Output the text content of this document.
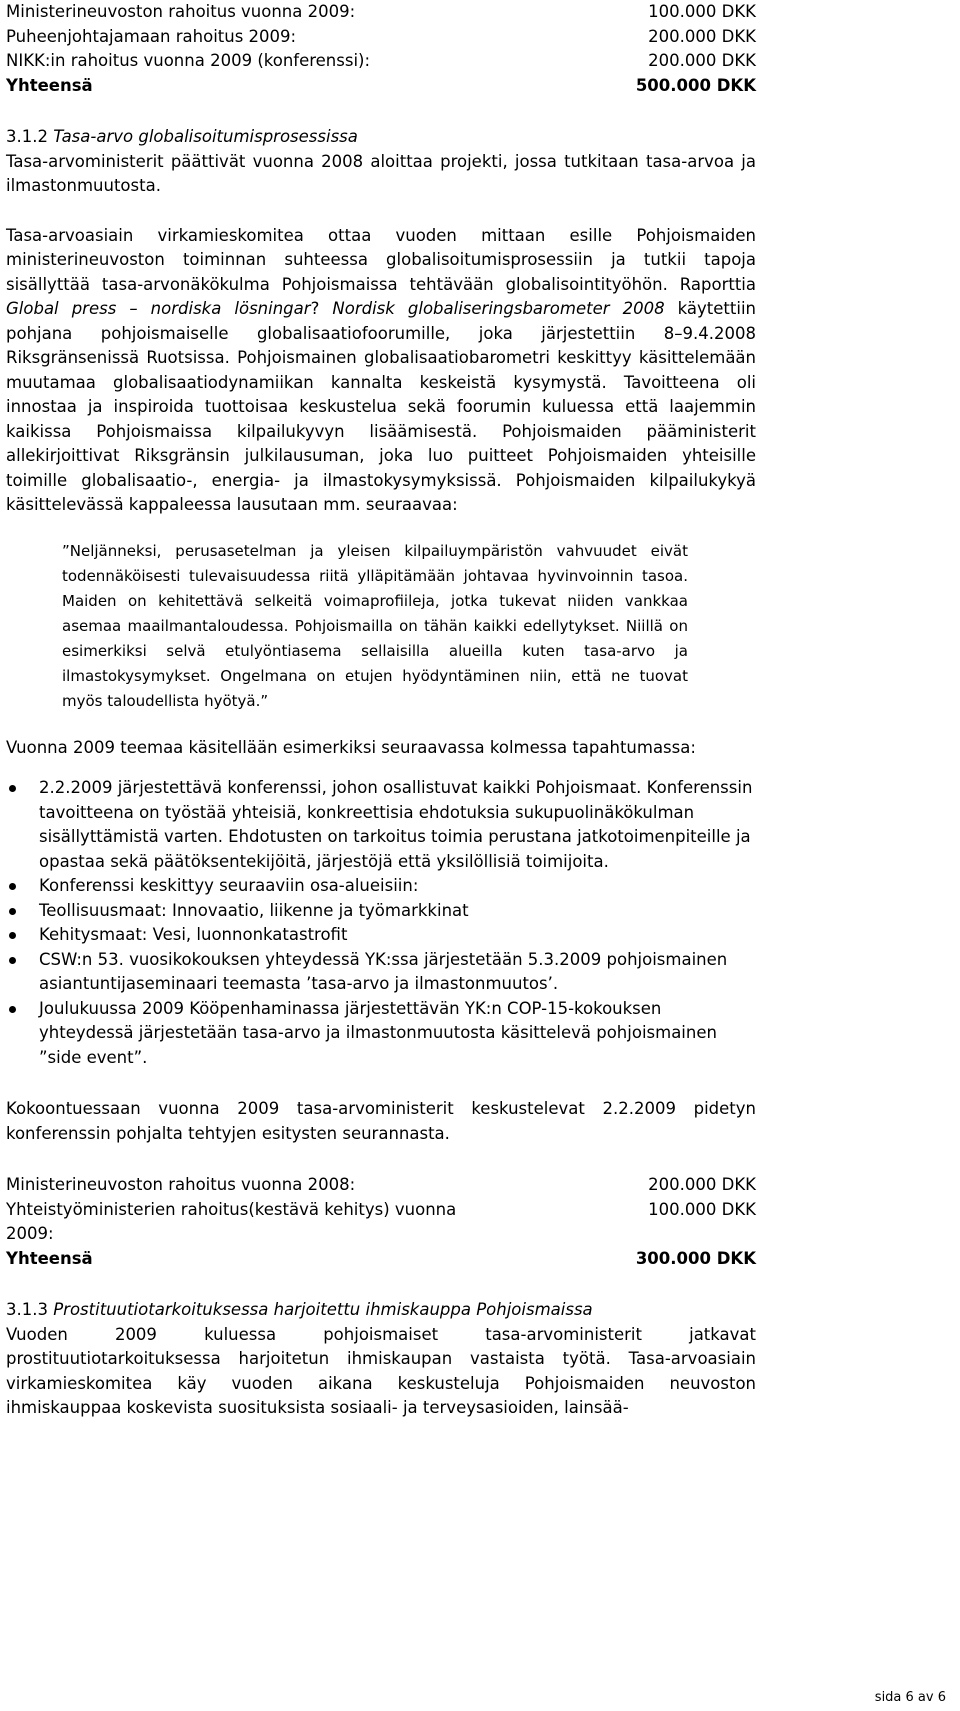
Ministerineuvoston rahoitus vuonna 2009:	100.000 DKK
Puheenjohtajamaan rahoitus 2009:	200.000 DKK
NIKK:in rahoitus vuonna 2009 (konferenssi):	200.000 DKK
Yhteensä	500.000 DKK

3.1.2 Tasa-arvo globalisoitumisprosessissa

Tasa-arvoministerit päättivät vuonna 2008 aloittaa projekti, jossa tutkitaan tasa-arvoa ja ilmastonmuutosta.

Tasa-arvoasiain virkamieskomitea ottaa vuoden mittaan esille Pohjoismaiden ministerineuvoston toiminnan suhteessa globalisoitumisprosessiin ja tutkii tapoja sisällyttää tasa-arvonäkökulma Pohjoismaissa tehtävään globalisointityöhön. Raporttia Global press – nordiska lösningar? Nordisk globaliseringsbarometer 2008 käytettiin pohjana pohjoismaiselle globalisaatiofoorumille, joka järjestettiin 8–9.4.2008 Riksgränsenissä Ruotsissa. Pohjoismainen globalisaatiobarometri keskittyy käsittelemään muutamaa globalisaatiodynamiikan kannalta keskeistä kysymystä. Tavoitteena oli innostaa ja inspiroida tuottoisaa keskustelua sekä foorumin kuluessa että laajemmin kaikissa Pohjoismaissa kilpailukyvyn lisäämisestä. Pohjoismaiden pääministerit allekirjoittivat Riksgränsin julkilausuman, joka luo puitteet Pohjoismaiden yhteisille toimille globalisaatio-, energia- ja ilmastokysymyksissä. Pohjoismaiden kilpailukykyä käsittelevässä kappaleessa lausutaan mm. seuraavaa:

”Neljänneksi, perusasetelman ja yleisen kilpailuympäristön vahvuudet eivät todennäköisesti tulevaisuudessa riitä ylläpitämään johtavaa hyvinvoinnin tasoa. Maiden on kehitettävä selkeitä voimaprofiileja, jotka tukevat niiden vankkaa asemaa maailmantaloudessa. Pohjoismailla on tähän kaikki edellytykset. Niillä on esimerkiksi selvä etulyöntiasema sellaisilla alueilla kuten tasa-arvo ja ilmastokysymykset. Ongelmana on etujen hyödyntäminen niin, että ne tuovat myös taloudellista hyötyä.”

Vuonna 2009 teemaa käsitellään esimerkiksi seuraavassa kolmessa tapahtumassa:

2.2.2009 järjestettävä konferenssi, johon osallistuvat kaikki Pohjoismaat. Konferenssin tavoitteena on työstää yhteisiä, konkreettisia ehdotuksia sukupuolinäkökulman sisällyttämistä varten. Ehdotusten on tarkoitus toimia perustana jatkotoimenpiteille ja opastaa sekä päätöksentekijöitä, järjestöjä että yksilöllisiä toimijoita.
Konferenssi keskittyy seuraaviin osa-alueisiin:
Teollisuusmaat: Innovaatio, liikenne ja työmarkkinat
Kehitysmaat: Vesi, luonnonkatastrofit
CSW:n 53. vuosikokouksen yhteydessä YK:ssa järjestetään 5.3.2009 pohjoismainen asiantuntijaseminaari teemasta ’tasa-arvo ja ilmastonmuutos’.
Joulukuussa 2009 Kööpenhaminassa järjestettävän YK:n COP-15-kokouksen yhteydessä järjestetään tasa-arvo ja ilmastonmuutosta käsittelevä pohjoismainen ”side event”.

Kokoontuessaan vuonna 2009 tasa-arvoministerit keskustelevat 2.2.2009 pidetyn konferenssin pohjalta tehtyjen esitysten seurannasta.

Ministerineuvoston rahoitus vuonna 2008:	200.000 DKK
Yhteistyöministerien rahoitus(kestävä kehitys) vuonna 2009:
100.000 DKK
Yhteensä	300.000 DKK

3.1.3 Prostituutiotarkoituksessa harjoitettu ihmiskauppa Pohjoismaissa

Vuoden 2009 kuluessa pohjoismaiset tasa-arvoministerit jatkavat prostituutiotarkoituksessa harjoitetun ihmiskaupan vastaista työtä. Tasa-arvoasiain virkamieskomitea käy vuoden aikana keskusteluja Pohjoismaiden neuvoston ihmiskauppaa koskevista suosituksista sosiaali- ja terveysasioiden, lainsää-

sida 6 av 6
